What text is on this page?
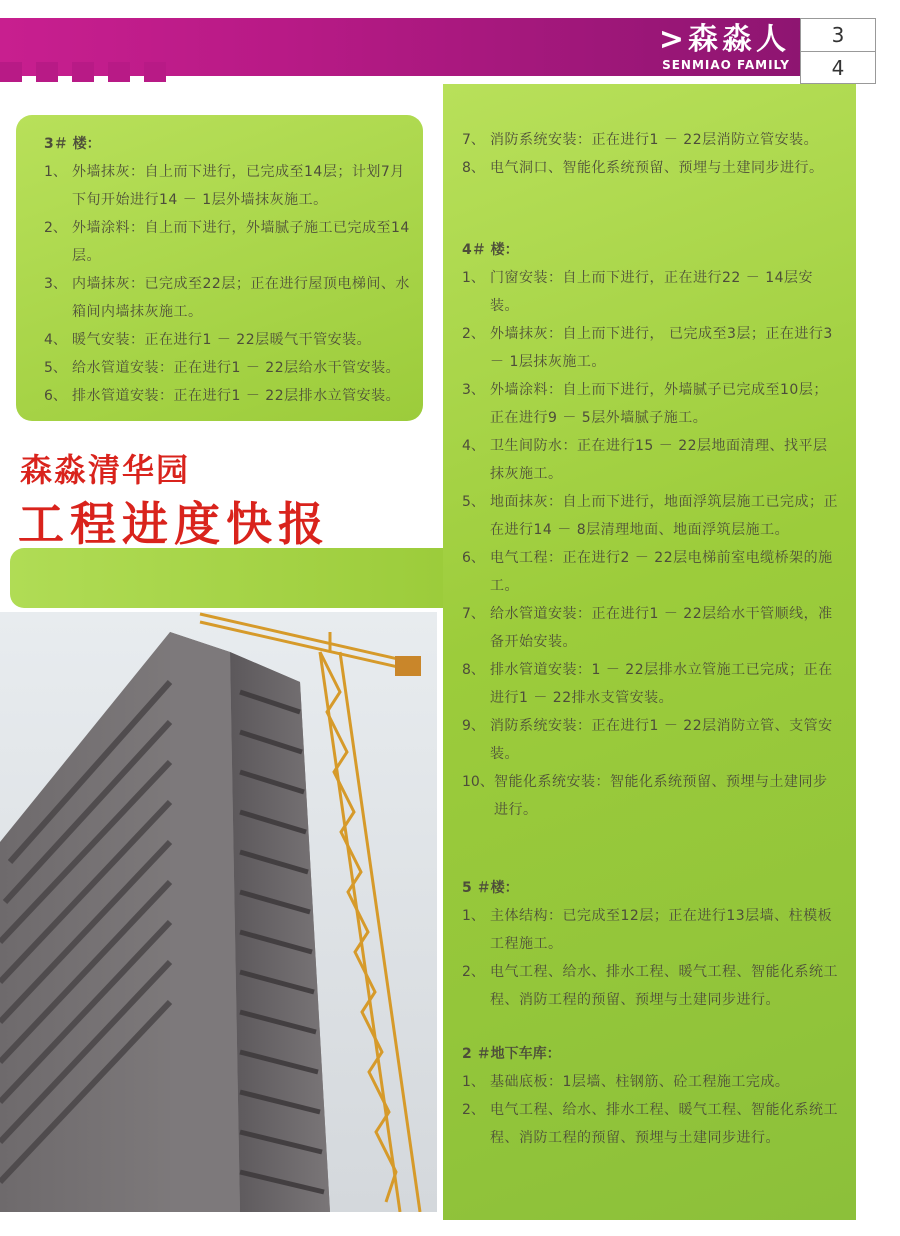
>森淼人
SENMIAO FAMILY
3
4
森淼清华园
工程进度快报

3＃ 楼：

1、 外墙抹灰：自上而下进行，已完成至14层；计划7月下旬开始进行14 － 1层外墙抹灰施工。
2、 外墙涂料：自上而下进行，外墙腻子施工已完成至14层。
3、 内墙抹灰：已完成至22层；正在进行屋顶电梯间、水箱间内墙抹灰施工。
4、 暖气安装：正在进行1 － 22层暖气干管安装。
5、 给水管道安装：正在进行1 － 22层给水干管安装。
6、 排水管道安装：正在进行1 － 22层排水立管安装。
7、 消防系统安装：正在进行1 － 22层消防立管安装。
8、 电气洞口、智能化系统预留、预埋与土建同步进行。

4＃ 楼：

1、 门窗安装：自上而下进行，正在进行22 － 14层安装。
2、 外墙抹灰：自上而下进行， 已完成至3层；正在进行3 － 1层抹灰施工。
3、 外墙涂料：自上而下进行，外墙腻子已完成至10层；正在进行9 － 5层外墙腻子施工。
4、 卫生间防水：正在进行15 － 22层地面清理、找平层抹灰施工。
5、 地面抹灰：自上而下进行，地面浮筑层施工已完成；正在进行14 － 8层清理地面、地面浮筑层施工。
6、 电气工程：正在进行2 － 22层电梯前室电缆桥架的施工。
7、 给水管道安装：正在进行1 － 22层给水干管顺线，准备开始安装。
8、 排水管道安装：1 － 22层排水立管施工已完成；正在进行1 － 22排水支管安装。
9、 消防系统安装：正在进行1 － 22层消防立管、支管安装。
10、 智能化系统安装：智能化系统预留、预埋与土建同步进行。

5 ＃楼：

1、 主体结构：已完成至12层；正在进行13层墙、柱模板工程施工。
2、 电气工程、给水、排水工程、暖气工程、智能化系统工程、消防工程的预留、预埋与土建同步进行。

2 ＃地下车库：

1、 基础底板：1层墙、柱钢筋、砼工程施工完成。
2、 电气工程、给水、排水工程、暖气工程、智能化系统工程、消防工程的预留、预埋与土建同步进行。
